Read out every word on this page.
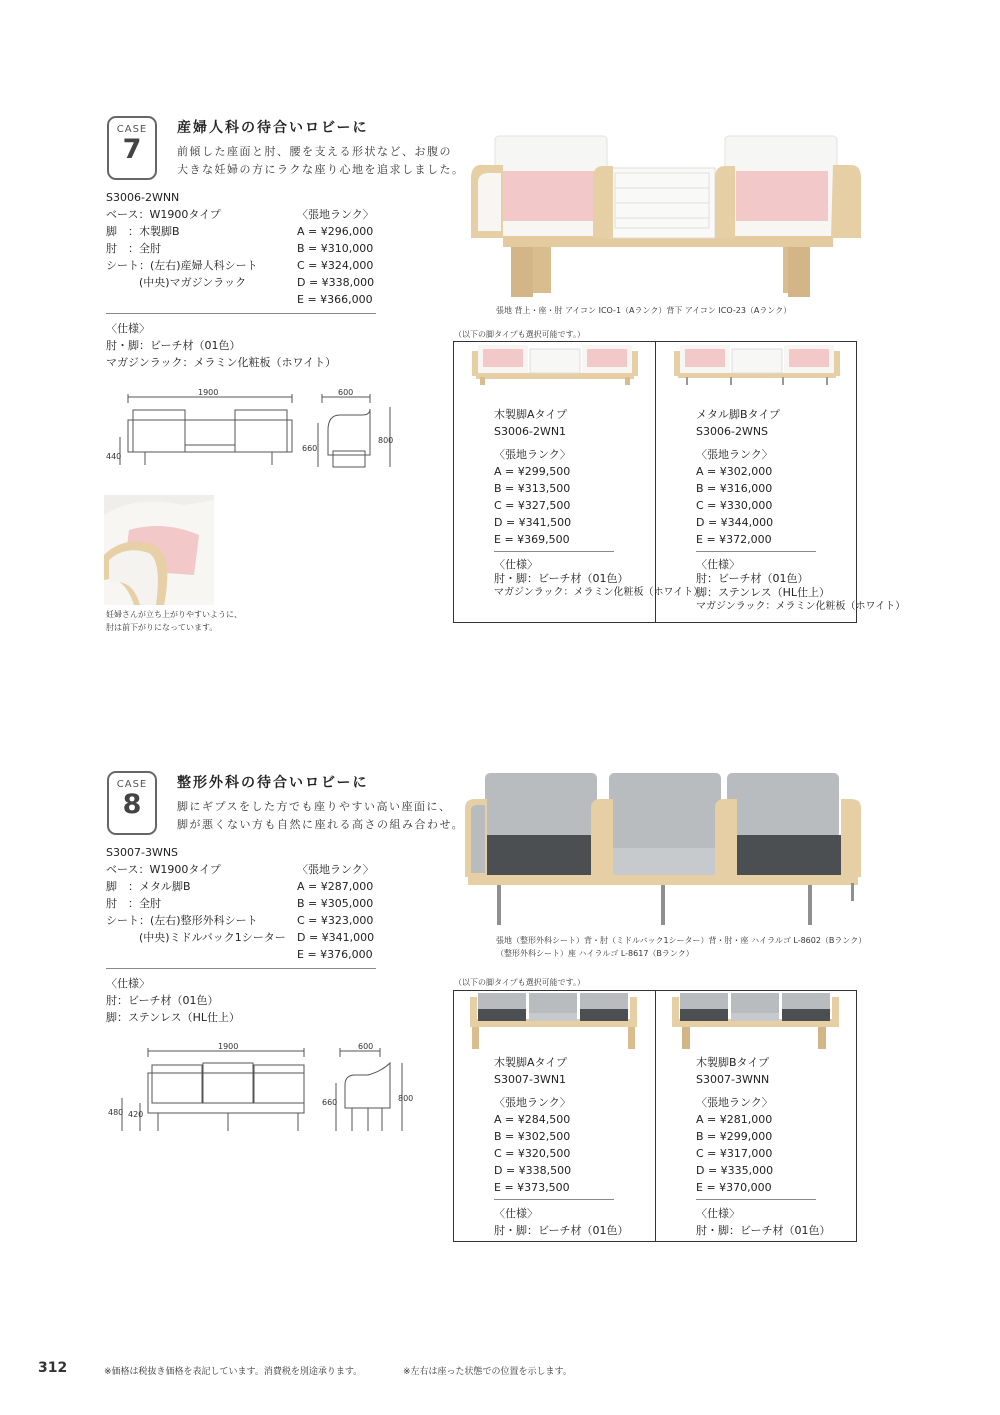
CASE
7
産婦人科の待合いロビーに
前傾した座面と肘、腰を支える形状など、お腹の
大きな妊婦の方にラクな座り心地を追求しました。
S3006-2WNN
ベース：W1900タイプ
脚　：木製脚B
肘　：全肘
シート：(左右)産婦人科シート
　　　(中央)マガジンラック
〈張地ランク〉
A = ¥296,000
B = ¥310,000
C = ¥324,000
D = ¥338,000
E = ¥366,000
〈仕様〉
肘・脚：ビーチ材（01色）
マガジンラック：メラミン化粧板（ホワイト）
1900	600
800
660
440
妊婦さんが立ち上がりやすいように、
肘は前下がりになっています。
張地 背上・座・肘 アイコン ICO-1（Aランク）背下 アイコン ICO-23（Aランク）
（以下の脚タイプも選択可能です。）
木製脚Aタイプ
S3006-2WN1
〈張地ランク〉
A = ¥299,500
B = ¥313,500
C = ¥327,500
D = ¥341,500
E = ¥369,500
〈仕様〉
肘・脚：ビーチ材（01色）
マガジンラック：メラミン化粧板（ホワイト）
メタル脚Bタイプ
S3006-2WNS
〈張地ランク〉
A = ¥302,000
B = ¥316,000
C = ¥330,000
D = ¥344,000
E = ¥372,000
〈仕様〉
肘：ビーチ材（01色）
脚：ステンレス（HL仕上）
マガジンラック：メラミン化粧板（ホワイト）
CASE
8
整形外科の待合いロビーに
脚にギプスをした方でも座りやすい高い座面に、
脚が悪くない方も自然に座れる高さの組み合わせ。
S3007-3WNS
ベース：W1900タイプ
脚　：メタル脚B
肘　：全肘
シート：(左右)整形外科シート
　　　(中央)ミドルバック1シーター
〈張地ランク〉
A = ¥287,000
B = ¥305,000
C = ¥323,000
D = ¥341,000
E = ¥376,000
〈仕様〉
肘：ビーチ材（01色）
脚：ステンレス（HL仕上）
1900	600
800
660
480 420
張地（整形外科シート）背・肘（ミドルバック1シーター）背・肘・座 ハイラルゴ L-8602（Bランク）
（整形外科シート）座 ハイラルゴ L-8617（Bランク）
（以下の脚タイプも選択可能です。）
木製脚Aタイプ
S3007-3WN1
〈張地ランク〉
A = ¥284,500
B = ¥302,500
C = ¥320,500
D = ¥338,500
E = ¥373,500
〈仕様〉
肘・脚：ビーチ材（01色）
木製脚Bタイプ
S3007-3WNN
〈張地ランク〉
A = ¥281,000
B = ¥299,000
C = ¥317,000
D = ¥335,000
E = ¥370,000
〈仕様〉
肘・脚：ビーチ材（01色）
312	※価格は税抜き価格を表記しています。消費税を別途承ります。	※左右は座った状態での位置を示します。
